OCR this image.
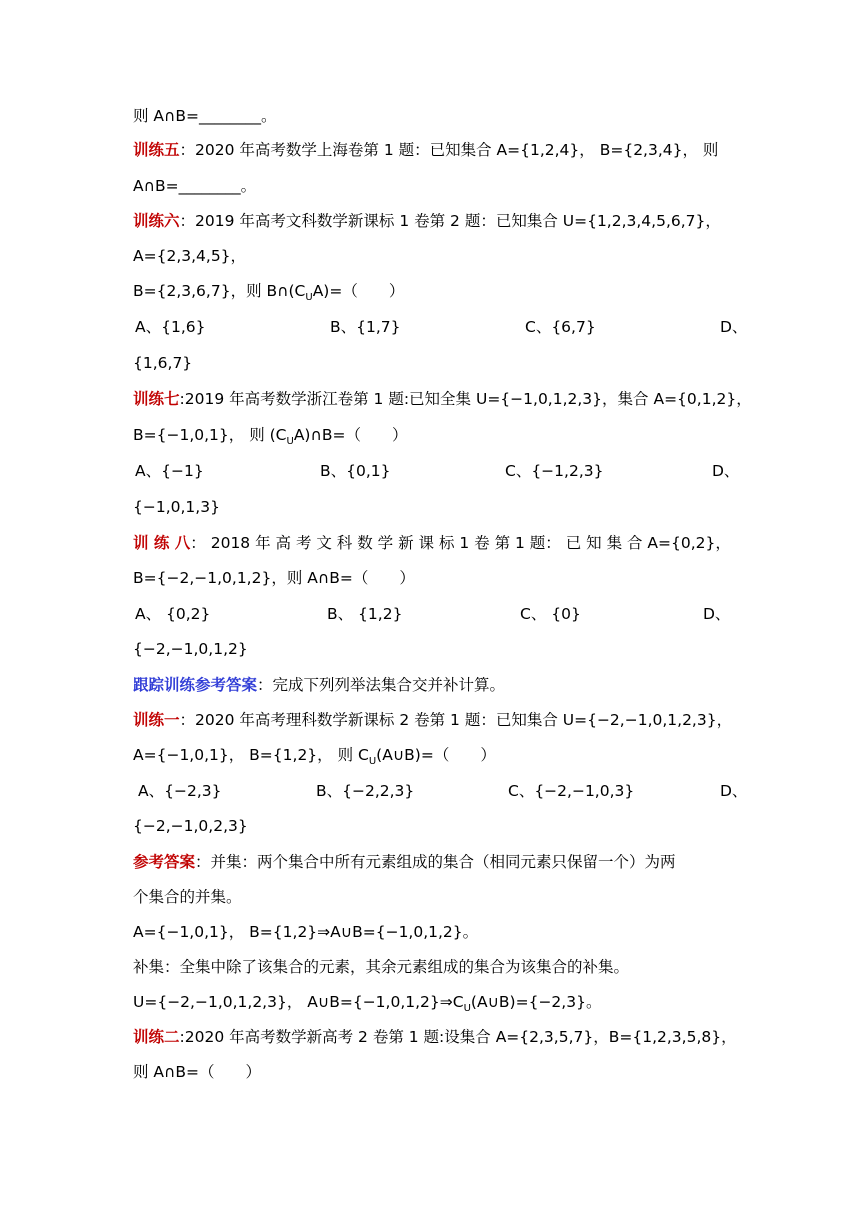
则 A∩B=________。
训练五：2020 年高考数学上海卷第 1 题：已知集合 A={1,2,4}， B={2,3,4}， 则
A∩B=________。
训练六：2019 年高考文科数学新课标 1 卷第 2 题：已知集合 U={1,2,3,4,5,6,7}，
A={2,3,4,5}，
B={2,3,6,7}，则 $B\cap(C_UA)=$（　　）
A、{1,6}	B、{1,7}	C、{6,7}	D、
{1,6,7}
训练七:2019 年高考数学浙江卷第 1 题:已知全集 U={−1,0,1,2,3}，集合 A={0,1,2}，
B={−1,0,1}， 则 $(C_UA)\cap B=$（　　）
A、{−1}	B、{0,1}	C、{−1,2,3}	D、
{−1,0,1,3}
训 练 八： 2018 年 高 考 文 科 数 学 新 课 标 1 卷 第 1 题： 已 知 集 合 A={0,2}，
B={−2,−1,0,1,2}，则 A∩B=（　　）
A、 {0,2}	B、 {1,2}	C、 {0}	D、
{−2,−1,0,1,2}
跟踪训练参考答案：完成下列列举法集合交并补计算。
训练一：2020 年高考理科数学新课标 2 卷第 1 题：已知集合 U={−2,−1,0,1,2,3}，
A={−1,0,1}， B={1,2}， 则 $C_U(A\cup B)=$（　　）
A、{−2,3}	B、{−2,2,3}	C、{−2,−1,0,3}	D、
{−2,−1,0,2,3}
参考答案：并集：两个集合中所有元素组成的集合（相同元素只保留一个）为两
个集合的并集。
A={−1,0,1}， B={1,2}⇒A∪B={−1,0,1,2}。
补集：全集中除了该集合的元素，其余元素组成的集合为该集合的补集。
U={−2,−1,0,1,2,3}， $A\cup B=\{-1,0,1,2\}\Rightarrow C_U(A\cup B)=\{-2,3\}$。
训练二:2020 年高考数学新高考 2 卷第 1 题:设集合 A={2,3,5,7}，B={1,2,3,5,8}，
则 A∩B=（　　）
